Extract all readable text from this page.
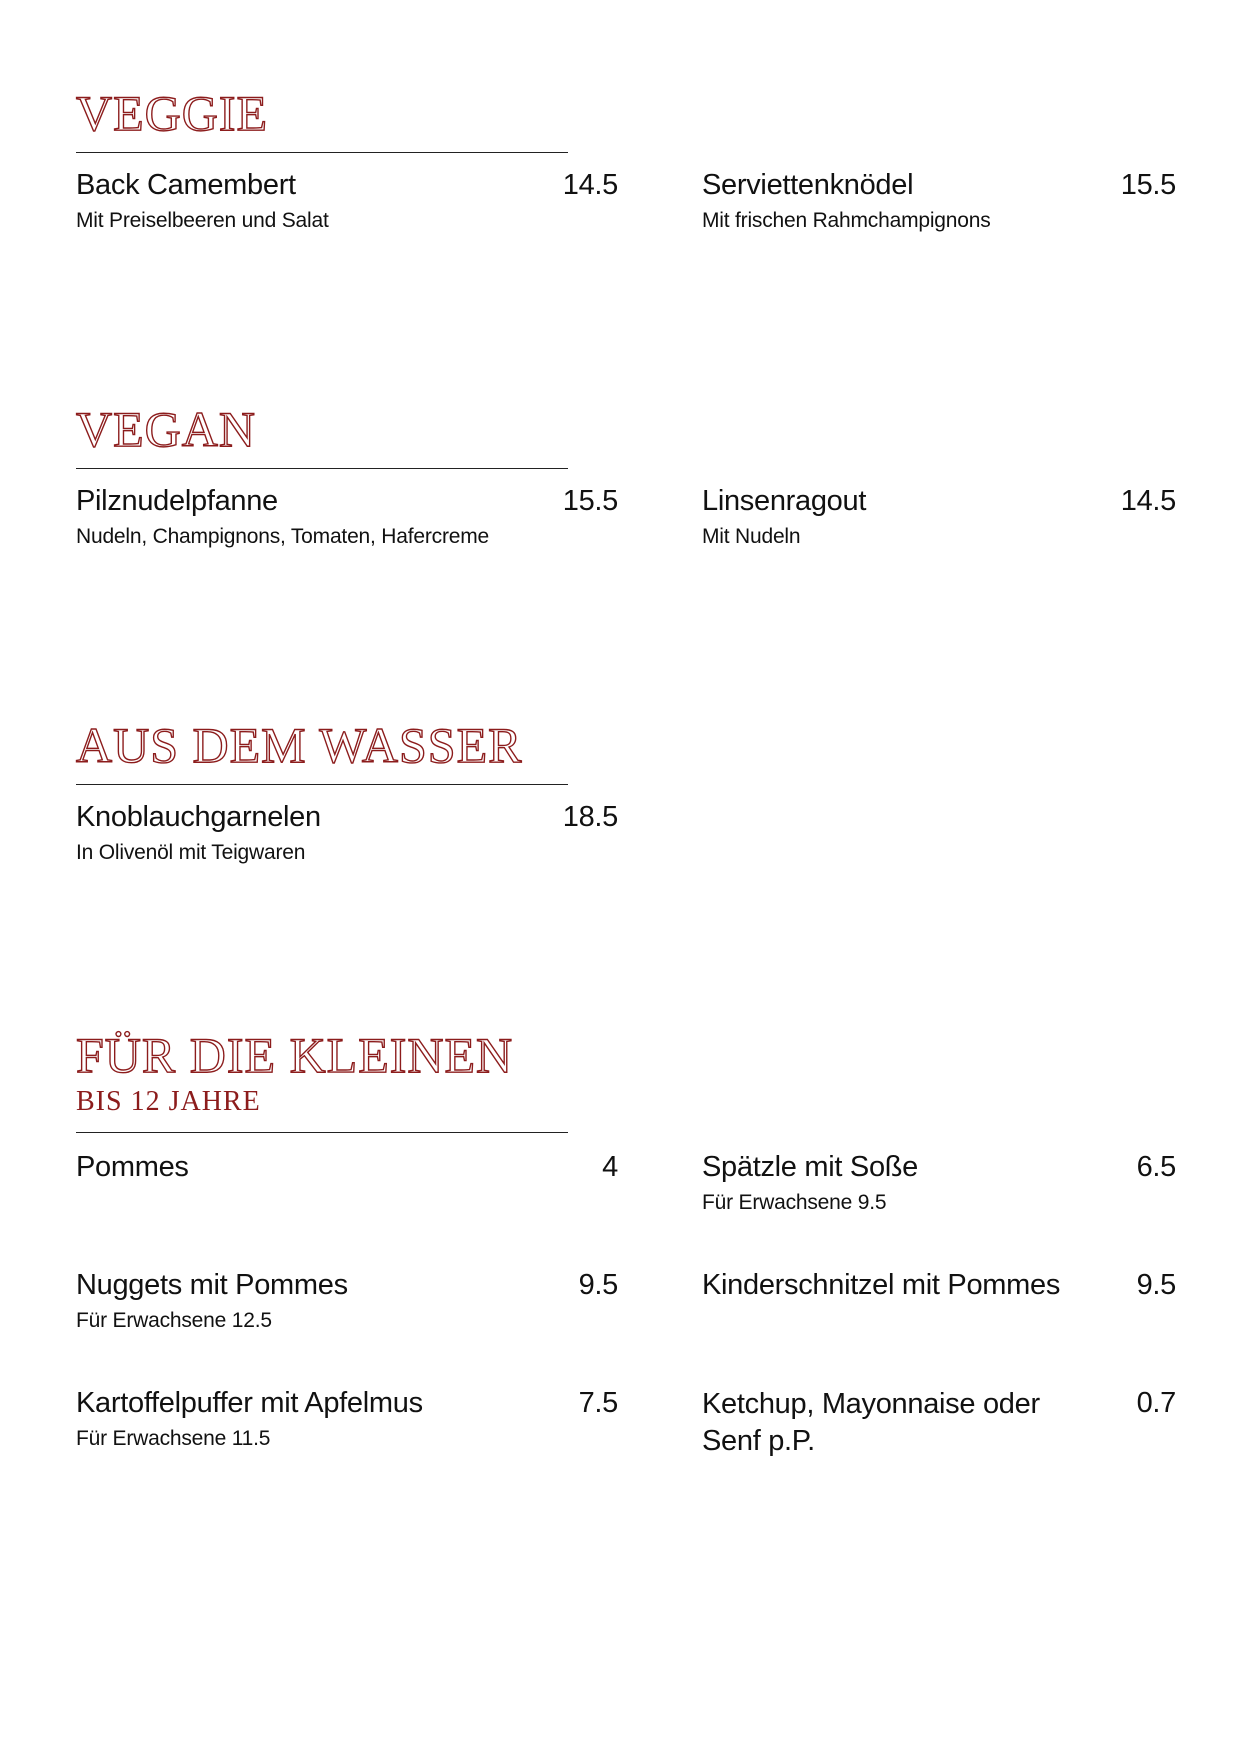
VEGGIE
Back Camembert	14.5
Mit Preiselbeeren und Salat
Serviettenknödel	15.5
Mit frischen Rahmchampignons
VEGAN
Pilznudelpfanne	15.5
Nudeln, Champignons, Tomaten, Hafercreme
Linsenragout	14.5
Mit Nudeln
AUS DEM WASSER
Knoblauchgarnelen	18.5
In Olivenöl mit Teigwaren
FÜR DIE KLEINEN
BIS 12 JAHRE
Pommes	4	Spätzle mit Soße	6.5
Für Erwachsene 9.5
Nuggets mit Pommes	9.5
Für Erwachsene 12.5
Kinderschnitzel mit Pommes	9.5
Kartoffelpuffer mit Apfelmus	7.5
Für Erwachsene 11.5
Ketchup, Mayonnaise oder Senf p.P.
0.7
